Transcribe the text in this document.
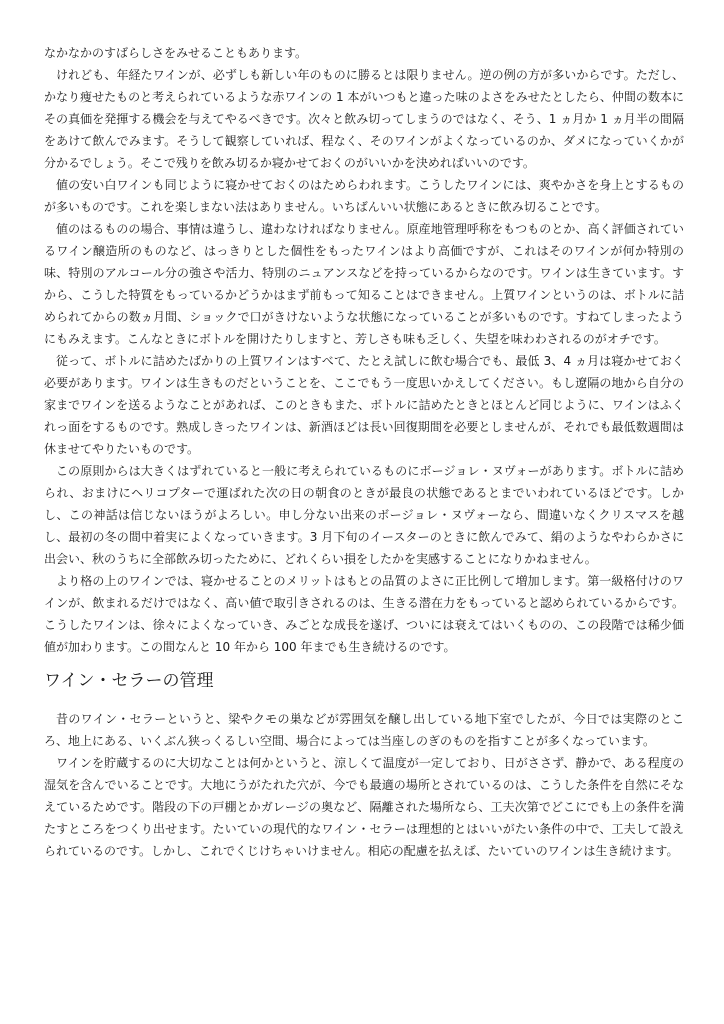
なかなかのすばらしさをみせることもあります。

けれども、年経たワインが、必ずしも新しい年のものに勝るとは限りません。逆の例の方が多いからです。ただし、かなり痩せたものと考えられているような赤ワインの 1 本がいつもと違った味のよさをみせたとしたら、仲間の数本にその真価を発揮する機会を与えてやるべきです。次々と飲み切ってしまうのではなく、そう、1 ヵ月か 1 ヵ月半の間隔をあけて飲んでみます。そうして観察していれば、程なく、そのワインがよくなっているのか、ダメになっていくかが分かるでしょう。そこで残りを飲み切るか寝かせておくのがいいかを決めればいいのです。

値の安い白ワインも同じように寝かせておくのはためらわれます。こうしたワインには、爽やかさを身上とするものが多いものです。これを楽しまない法はありません。いちばんいい状態にあるときに飲み切ることです。

値のはるものの場合、事情は違うし、違わなければなりません。原産地管理呼称をもつものとか、高く評価されているワイン醸造所のものなど、はっきりとした個性をもったワインはより高価ですが、これはそのワインが何か特別の味、特別のアルコール分の強さや活力、特別のニュアンスなどを持っているからなのです。ワインは生きています。すから、こうした特質をもっているかどうかはまず前もって知ることはできません。上質ワインというのは、ボトルに詰められてからの数ヵ月間、ショックで口がきけないような状態になっていることが多いものです。すねてしまったようにもみえます。こんなときにボトルを開けたりしますと、芳しさも味も乏しく、失望を味わわされるのがオチです。

従って、ボトルに詰めたばかりの上質ワインはすべて、たとえ試しに飲む場合でも、最低 3、4 ヵ月は寝かせておく必要があります。ワインは生きものだということを、ここでもう一度思いかえしてください。もし遼隔の地から自分の家までワインを送るようなことがあれば、このときもまた、ボトルに詰めたときとほとんど同じように、ワインはふくれっ面をするものです。熟成しきったワインは、新酒ほどは長い回復期間を必要としませんが、それでも最低数週間は休ませてやりたいものです。

この原則からは大きくはずれていると一般に考えられているものにボージョレ・ヌヴォーがあります。ボトルに詰められ、おまけにヘリコプターで運ばれた次の日の朝食のときが最良の状態であるとまでいわれているほどです。しかし、この神話は信じないほうがよろしい。申し分ない出来のボージョレ・ヌヴォーなら、間違いなくクリスマスを越し、最初の冬の間中着実によくなっていきます。3 月下旬のイースターのときに飲んでみて、絹のようなやわらかさに出会い、秋のうちに全部飲み切ったために、どれくらい損をしたかを実感することになりかねません。

より格の上のワインでは、寝かせることのメリットはもとの品質のよさに正比例して増加します。第一級格付けのワインが、飲まれるだけではなく、高い値で取引きされるのは、生きる潜在力をもっていると認められているからです。こうしたワインは、徐々によくなっていき、みごとな成長を遂げ、ついには衰えてはいくものの、この段階では稀少価値が加わります。この間なんと 10 年から 100 年までも生き続けるのです。

ワイン・セラーの管理

昔のワイン・セラーというと、梁やクモの巣などが雰囲気を醸し出している地下室でしたが、今日では実際のところ、地上にある、いくぶん狭っくるしい空間、場合によっては当座しのぎのものを指すことが多くなっています。

ワインを貯蔵するのに大切なことは何かというと、涼しくて温度が一定しており、日がささず、静かで、ある程度の湿気を含んでいることです。大地にうがたれた穴が、今でも最適の場所とされているのは、こうした条件を自然にそなえているためです。階段の下の戸棚とかガレージの奥など、隔離された場所なら、工夫次第でどこにでも上の条件を満たすところをつくり出せます。たいていの現代的なワイン・セラーは理想的とはいいがたい条件の中で、工夫して設えられているのです。しかし、これでくじけちゃいけません。相応の配慮を払えば、たいていのワインは生き続けます。
